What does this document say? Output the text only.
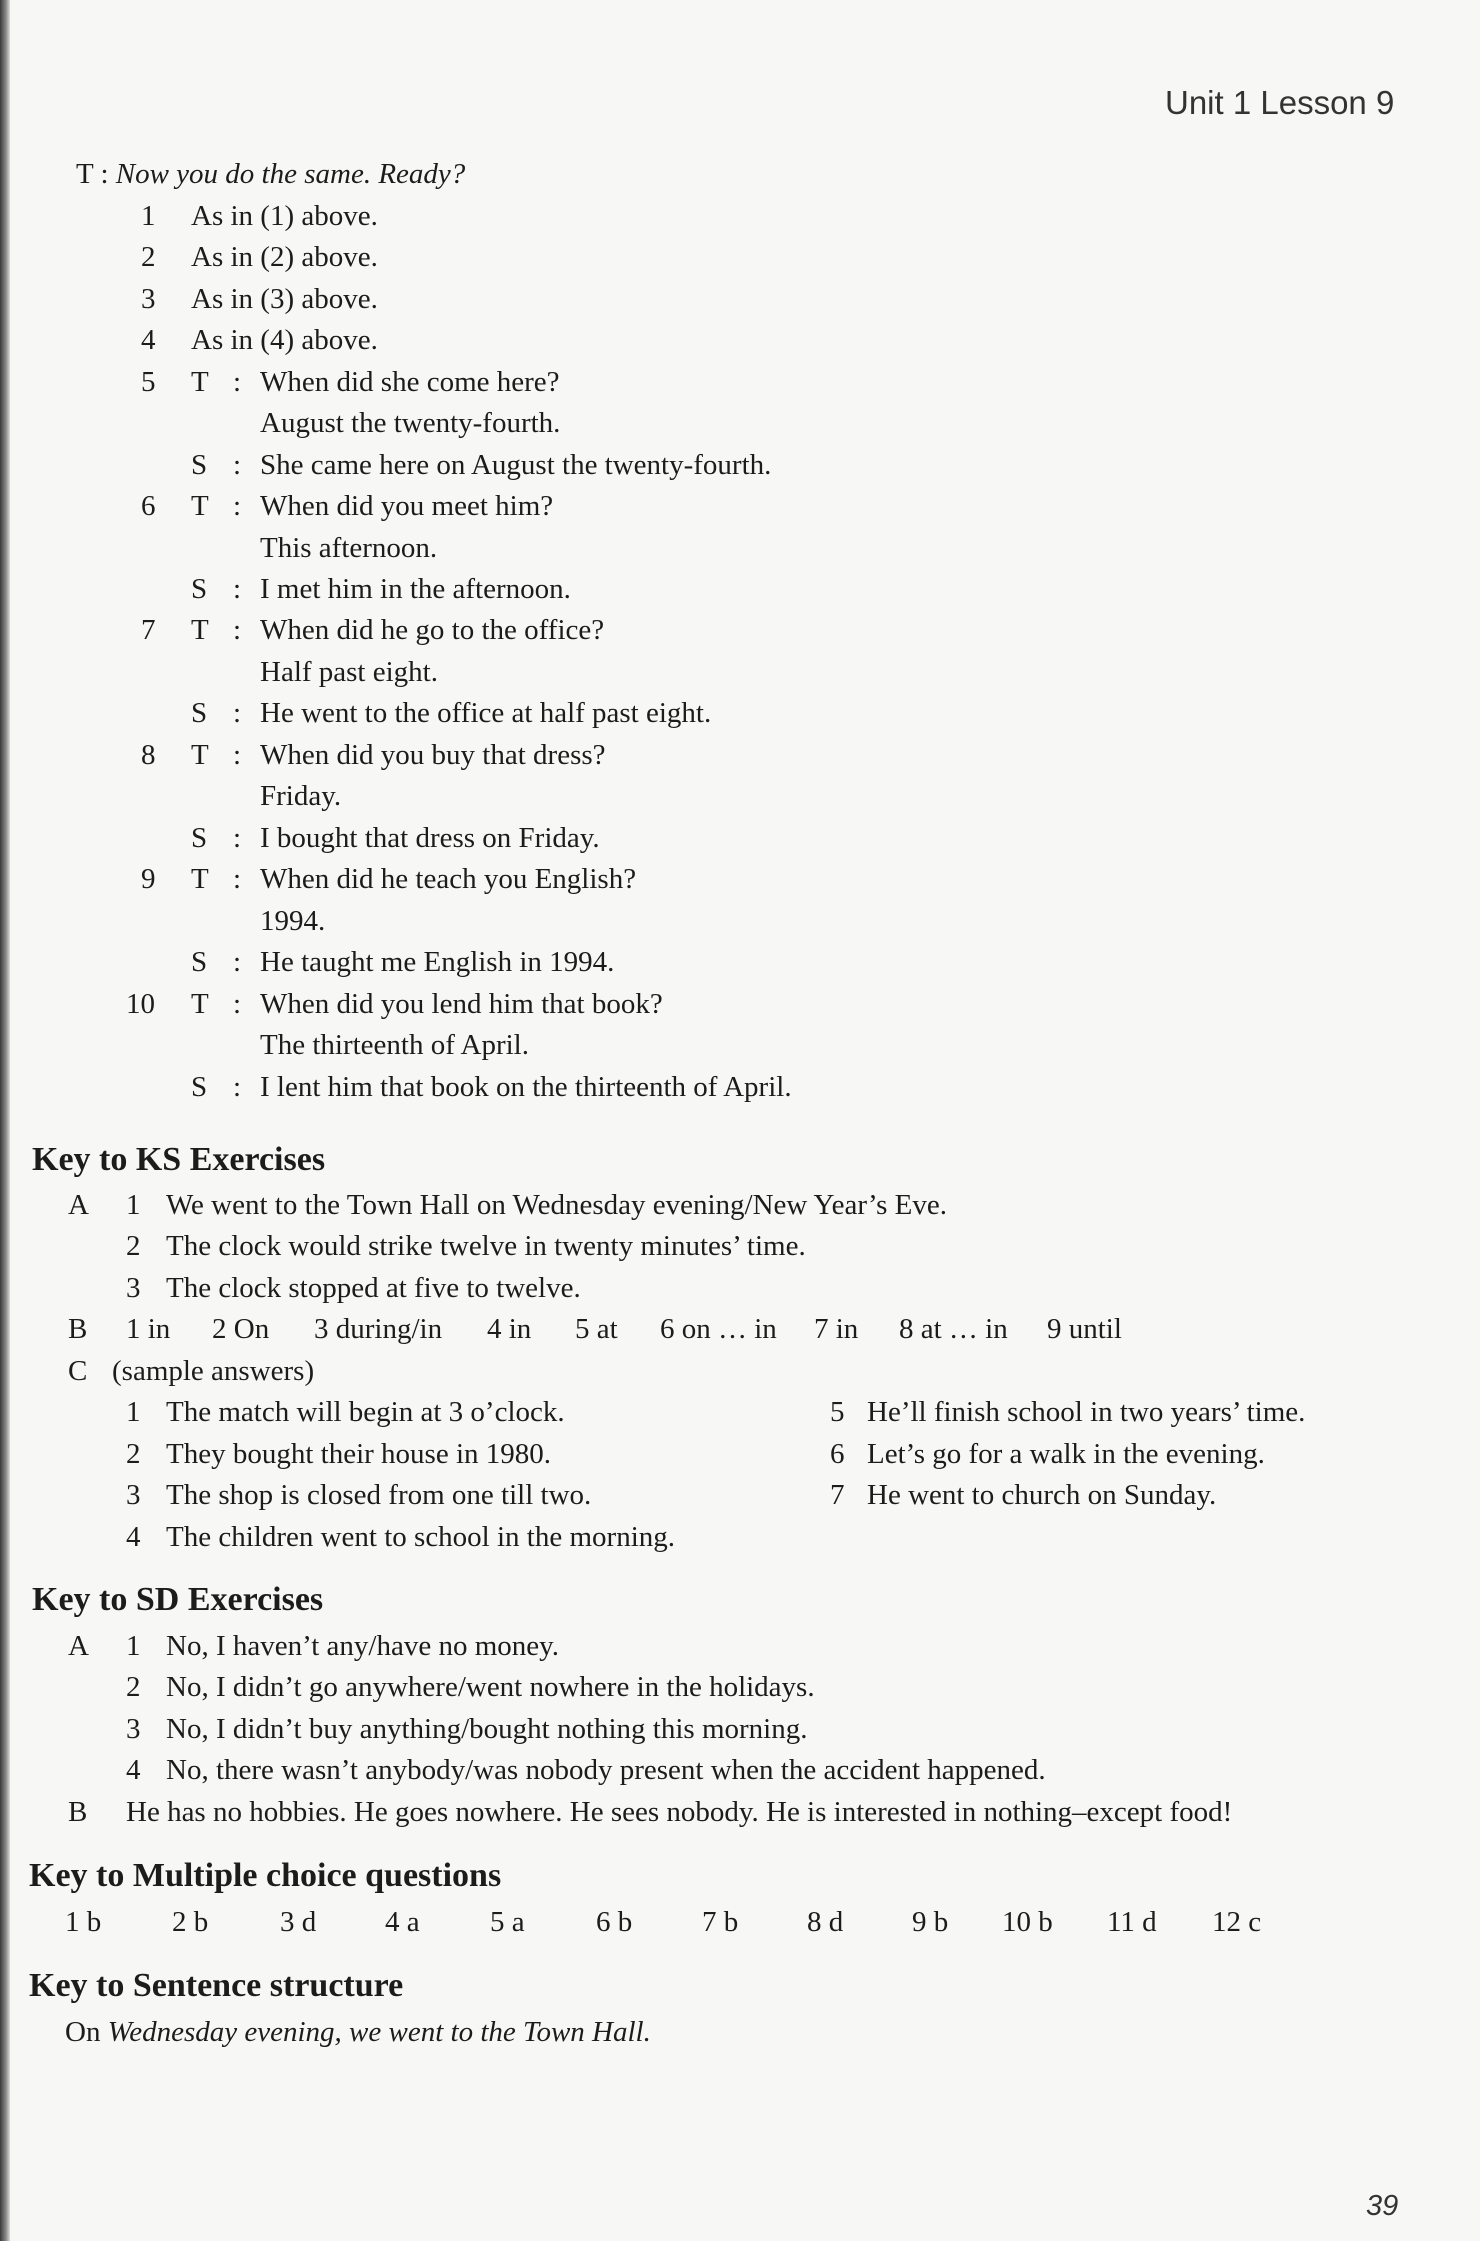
Unit 1 Lesson 9
T : Now you do the same. Ready?
1 As in (1) above.
2 As in (2) above.
3 As in (3) above.
4 As in (4) above.
5 T : When did she come here?
August the twenty-fourth.
S : She came here on August the twenty-fourth.
6 T : When did you meet him?
This afternoon.
S : I met him in the afternoon.
7 T : When did he go to the office?
Half past eight.
S : He went to the office at half past eight.
8 T : When did you buy that dress?
Friday.
S : I bought that dress on Friday.
9 T : When did he teach you English?
1994.
S : He taught me English in 1994.
10 T : When did you lend him that book?
The thirteenth of April.
S : I lent him that book on the thirteenth of April.
Key to KS Exercises
A 1 We went to the Town Hall on Wednesday evening/New Year’s Eve.
2 The clock would strike twelve in twenty minutes’ time.
3 The clock stopped at five to twelve.
B 1 in 2 On 3 during/in 4 in 5 at 6 on … in 7 in 8 at … in 9 until
C (sample answers)
1 The match will begin at 3 o’clock.
2 They bought their house in 1980.
3 The shop is closed from one till two.
4 The children went to school in the morning.
5 He’ll finish school in two years’ time.
6 Let’s go for a walk in the evening.
7 He went to church on Sunday.
Key to SD Exercises
A 1 No, I haven’t any/have no money.
2 No, I didn’t go anywhere/went nowhere in the holidays.
3 No, I didn’t buy anything/bought nothing this morning.
4 No, there wasn’t anybody/was nobody present when the accident happened.
B He has no hobbies. He goes nowhere. He sees nobody. He is interested in nothing–except food!
Key to Multiple choice questions
1 b 2 b 3 d 4 a 5 a 6 b 7 b 8 d 9 b 10 b 11 d 12 c
Key to Sentence structure
On Wednesday evening, we went to the Town Hall.
39
